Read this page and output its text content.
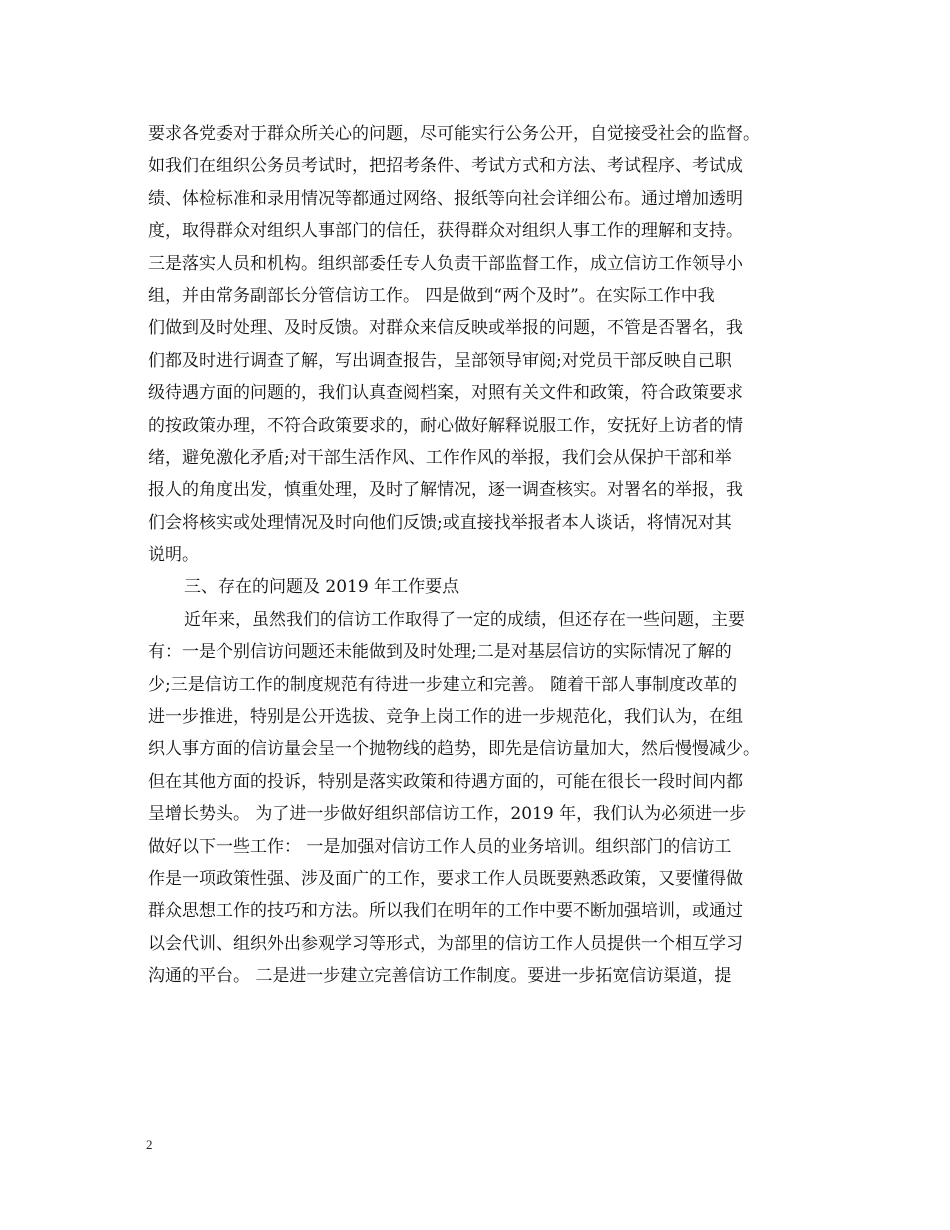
要求各党委对于群众所关心的问题，尽可能实行公务公开，自觉接受社会的监督。
如我们在组织公务员考试时，把招考条件、考试方式和方法、考试程序、考试成
绩、体检标准和录用情况等都通过网络、报纸等向社会详细公布。通过增加透明
度，取得群众对组织人事部门的信任，获得群众对组织人事工作的理解和支持。
三是落实人员和机构。组织部委任专人负责干部监督工作，成立信访工作领导小
组，并由常务副部长分管信访工作。 四是做到“两个及时”。在实际工作中我
们做到及时处理、及时反馈。对群众来信反映或举报的问题，不管是否署名，我
们都及时进行调查了解，写出调查报告，呈部领导审阅;对党员干部反映自己职
级待遇方面的问题的，我们认真查阅档案，对照有关文件和政策，符合政策要求
的按政策办理，不符合政策要求的，耐心做好解释说服工作，安抚好上访者的情
绪，避免激化矛盾;对干部生活作风、工作作风的举报，我们会从保护干部和举
报人的角度出发，慎重处理，及时了解情况，逐一调查核实。对署名的举报，我
们会将核实或处理情况及时向他们反馈;或直接找举报者本人谈话，将情况对其
说明。
三、存在的问题及 2019 年工作要点
近年来，虽然我们的信访工作取得了一定的成绩，但还存在一些问题，主要
有：一是个别信访问题还未能做到及时处理;二是对基层信访的实际情况了解的
少;三是信访工作的制度规范有待进一步建立和完善。 随着干部人事制度改革的
进一步推进，特别是公开选拔、竞争上岗工作的进一步规范化，我们认为，在组
织人事方面的信访量会呈一个抛物线的趋势，即先是信访量加大，然后慢慢减少。
但在其他方面的投诉，特别是落实政策和待遇方面的，可能在很长一段时间内都
呈增长势头。 为了进一步做好组织部信访工作，2019 年，我们认为必须进一步
做好以下一些工作： 一是加强对信访工作人员的业务培训。组织部门的信访工
作是一项政策性强、涉及面广的工作，要求工作人员既要熟悉政策，又要懂得做
群众思想工作的技巧和方法。所以我们在明年的工作中要不断加强培训，或通过
以会代训、组织外出参观学习等形式，为部里的信访工作人员提供一个相互学习
沟通的平台。 二是进一步建立完善信访工作制度。要进一步拓宽信访渠道，提
2
